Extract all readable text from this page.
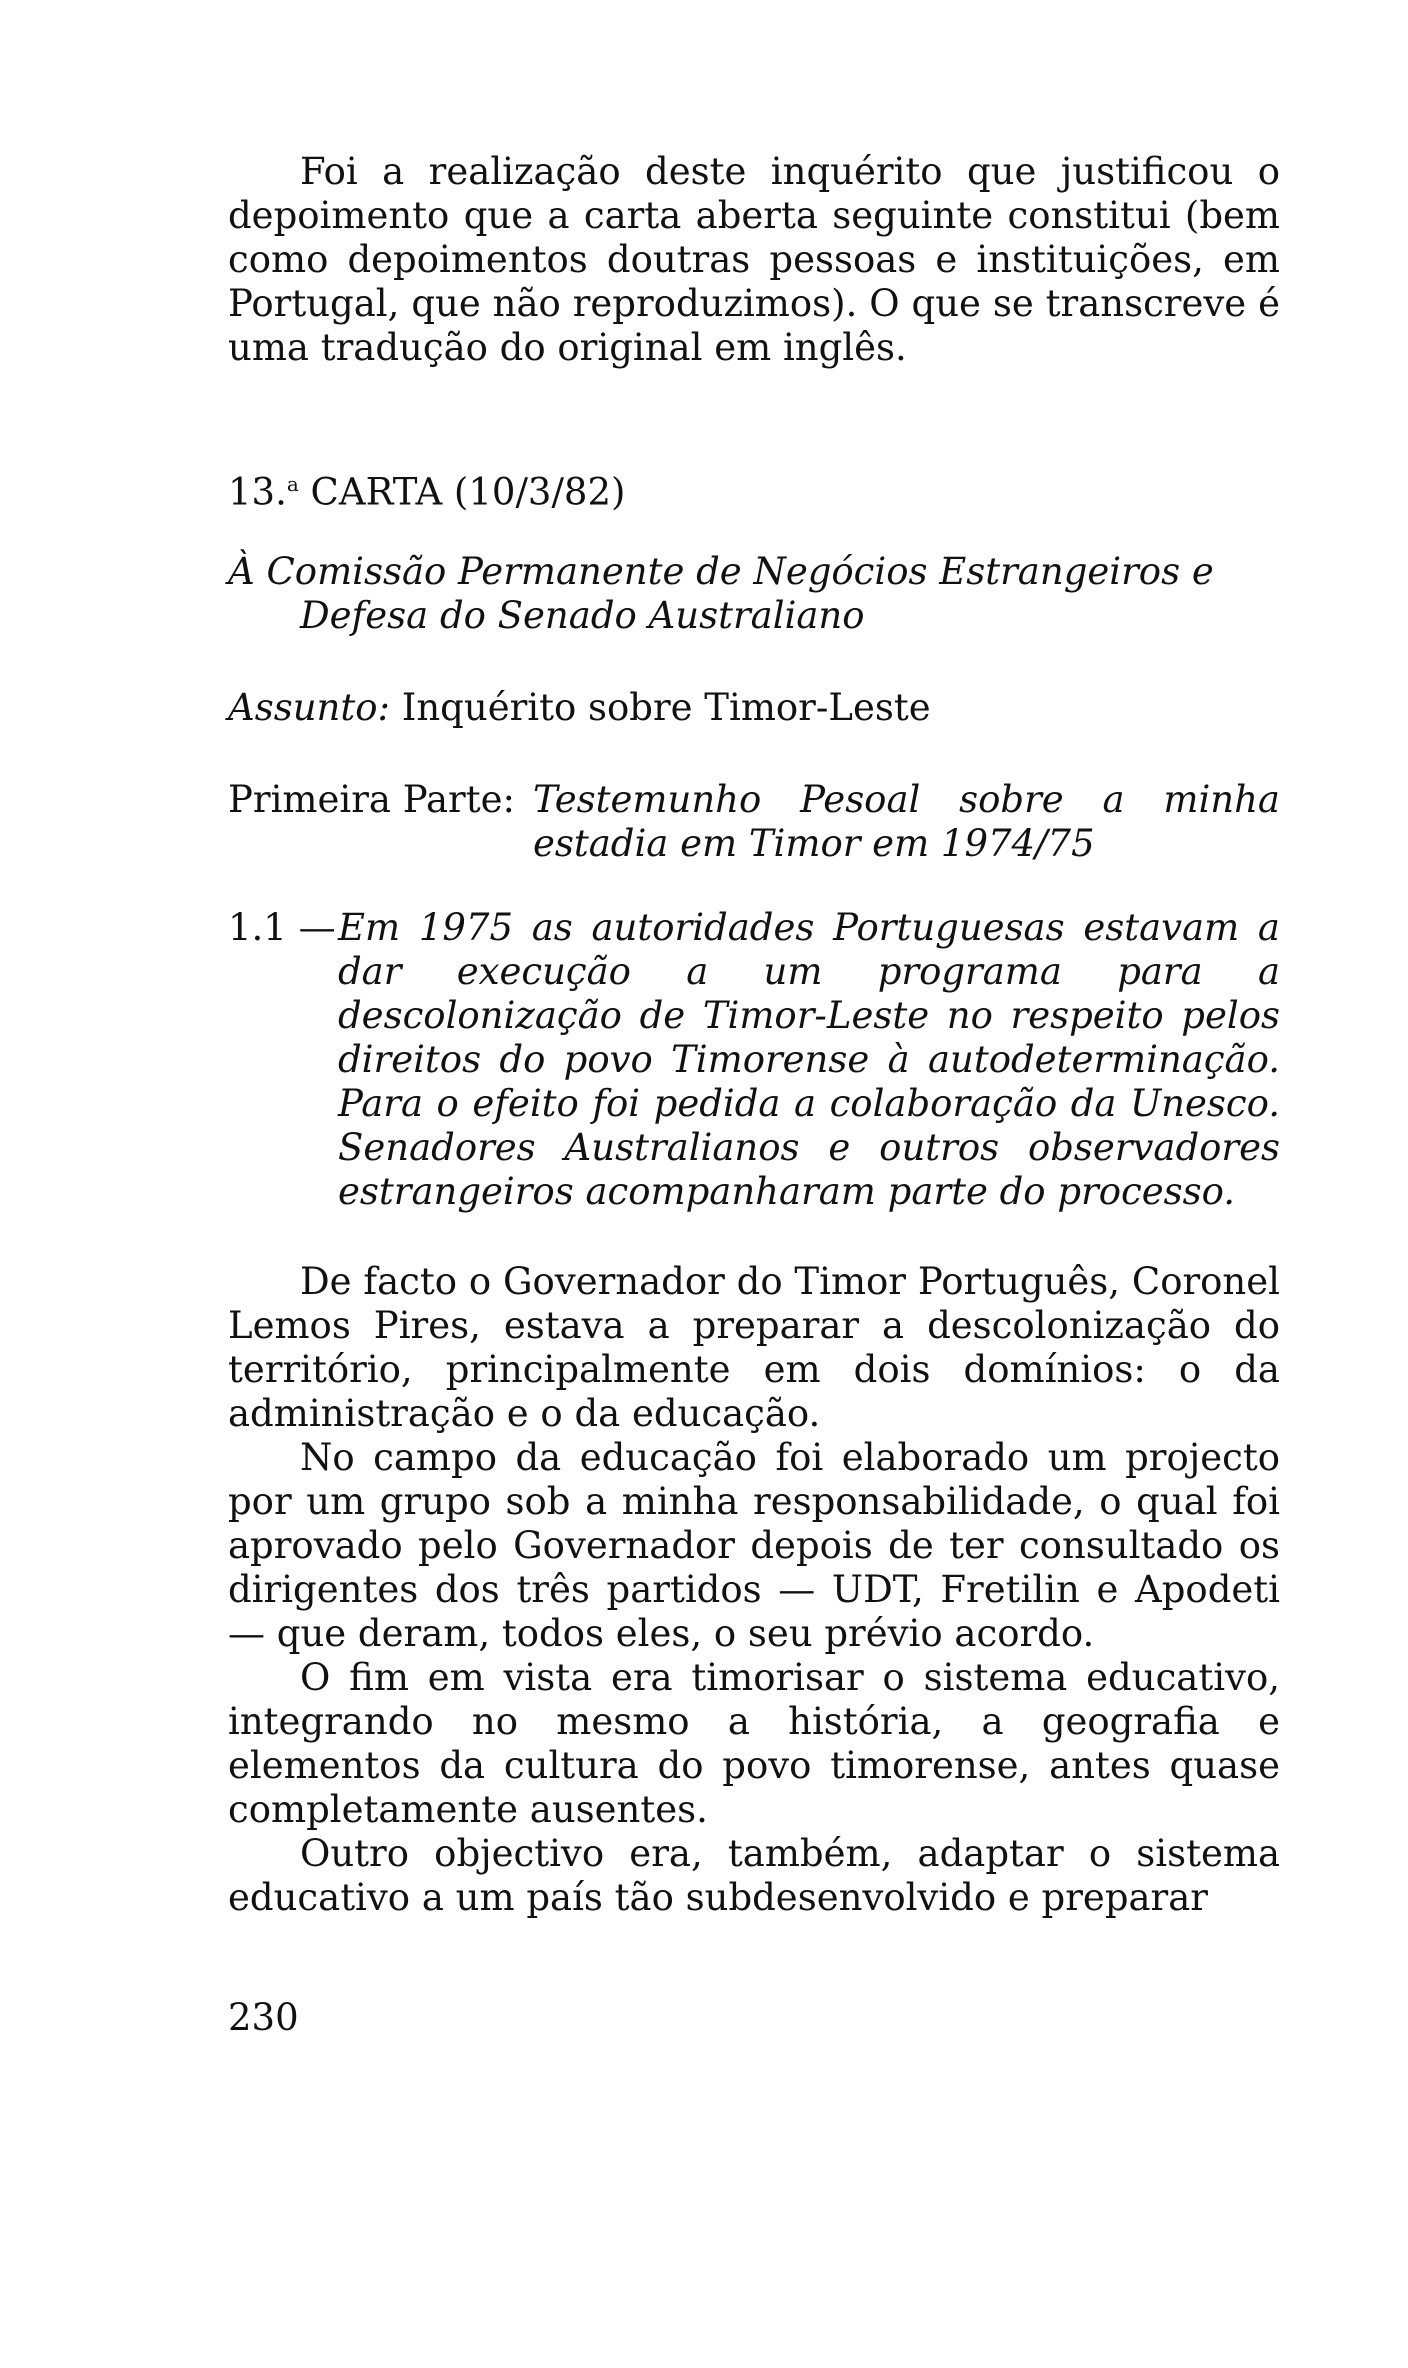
Foi a realização deste inquérito que justificou o depoimento que a carta aberta seguinte constitui (bem como depoimentos doutras pessoas e instituições, em Portugal, que não reproduzimos). O que se transcreve é uma tradução do original em inglês.

13.$^a$ CARTA (10/3/82)
À Comissão Permanente de Negócios Estrangeiros e Defesa do Senado Australiano
Assunto: Inquérito sobre Timor-Leste
Primeira Parte: Testemunho Pesoal sobre a minha estadia em Timor em 1974/75
1.1 — Em 1975 as autoridades Portuguesas estavam a dar execução a um programa para a descolonização de Timor-Leste no respeito pelos direitos do povo Timorense à autodeterminação. Para o efeito foi pedida a colaboração da Unesco. Senadores Australianos e outros observadores estrangeiros acompanharam parte do processo.

De facto o Governador do Timor Português, Coronel Lemos Pires, estava a preparar a descolonização do território, principalmente em dois domínios: o da administração e o da educação.

No campo da educação foi elaborado um projecto por um grupo sob a minha responsabilidade, o qual foi aprovado pelo Governador depois de ter consultado os dirigentes dos três partidos — UDT, Fretilin e Apodeti — que deram, todos eles, o seu prévio acordo.

O fim em vista era timorisar o sistema educativo, integrando no mesmo a história, a geografia e elementos da cultura do povo timorense, antes quase completamente ausentes.

Outro objectivo era, também, adaptar o sistema educativo a um país tão subdesenvolvido e preparar

230
